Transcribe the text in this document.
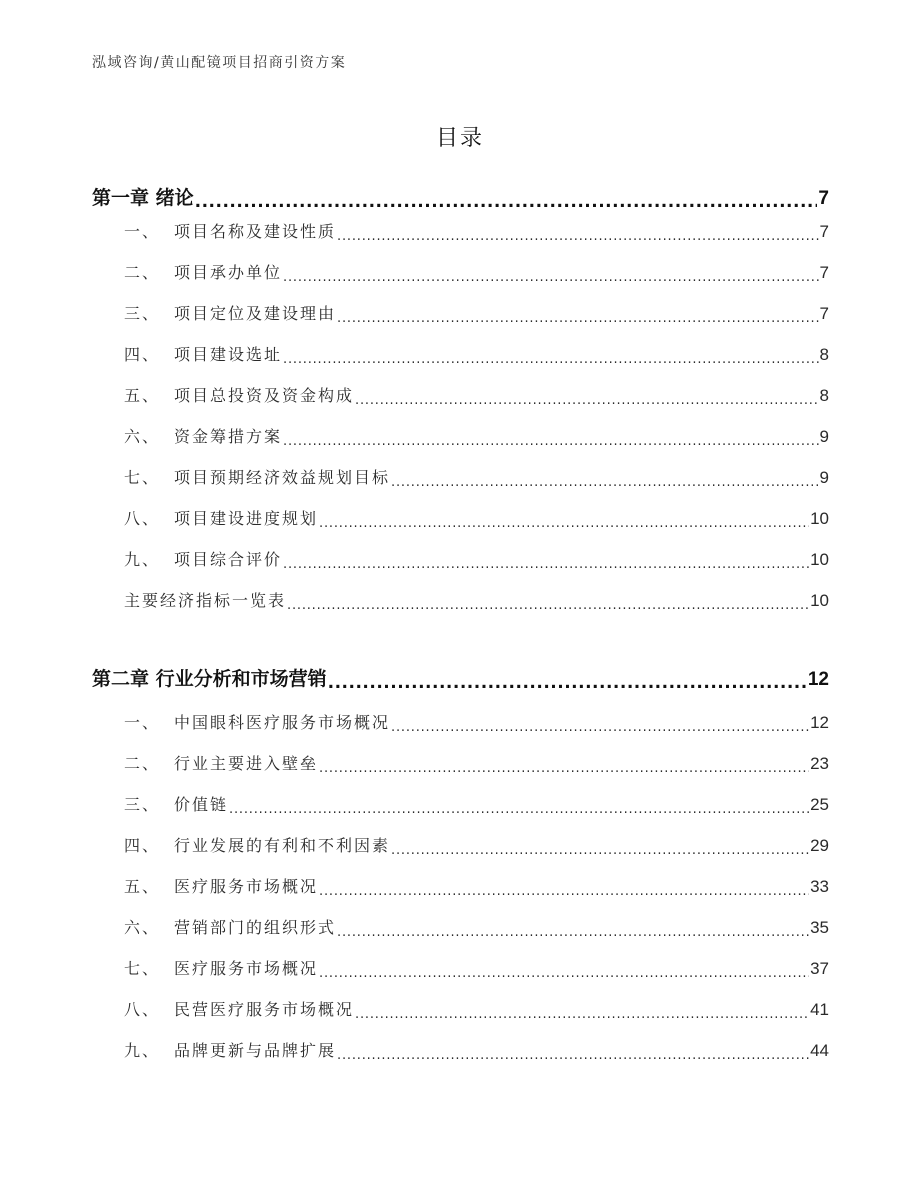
泓域咨询/黄山配镜项目招商引资方案
目录
第一章 绪论 .....	7
一、 项目名称及建设性质 .....	7
二、 项目承办单位 .....	7
三、 项目定位及建设理由 .....	7
四、 项目建设选址 .....	8
五、 项目总投资及资金构成 .....	8
六、 资金筹措方案 .....	9
七、 项目预期经济效益规划目标 .....	9
八、 项目建设进度规划 .....	10
九、 项目综合评价 .....	10
主要经济指标一览表 .....	10
第二章 行业分析和市场营销 .....	12
一、 中国眼科医疗服务市场概况 .....	12
二、 行业主要进入壁垒 .....	23
三、 价值链 .....	25
四、 行业发展的有利和不利因素 .....	29
五、 医疗服务市场概况 .....	33
六、 营销部门的组织形式 .....	35
七、 医疗服务市场概况 .....	37
八、 民营医疗服务市场概况 .....	41
九、 品牌更新与品牌扩展 .....	44
